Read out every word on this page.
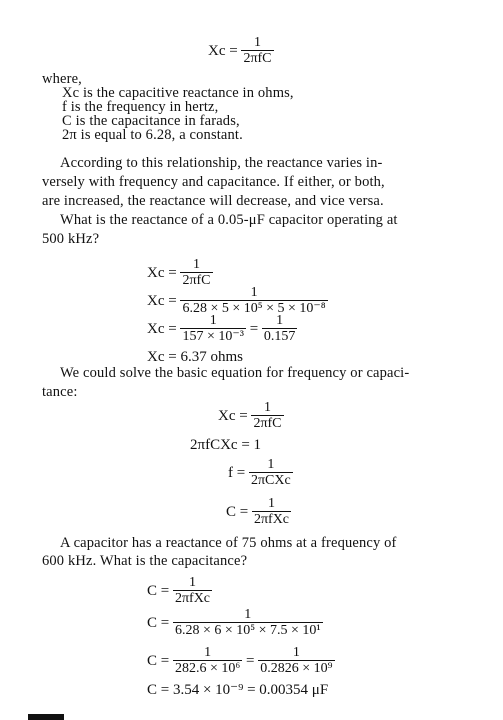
$Xc = \frac{1}{\text{2πfC}}$
where,
Xc is the capacitive reactance in ohms,
f is the frequency in hertz,
C is the capacitance in farads,
2π is equal to 6.28, a constant.
According to this relationship, the reactance varies in-
versely with frequency and capacitance. If either, or both,
are increased, the reactance will decrease, and vice versa.
What is the reactance of a 0.05-μF capacitor operating at
500 kHz?
$Xc = \frac{1}{\text{2πfC}}$
$Xc = \frac{1}{\text{6.28 × 5 × 10⁵ × 5 × 10⁻⁸}}$
$Xc = \frac{1}{\text{157 × 10⁻³}} = \frac{1}{0.157}$
Xc = 6.37 ohms
We could solve the basic equation for frequency or capaci-
tance:
$Xc = \frac{1}{\text{2πfC}}$
2πfCXc = 1
$f = \frac{1}{\text{2πCXc}}$
$C = \frac{1}{\text{2πfXc}}$
A capacitor has a reactance of 75 ohms at a frequency of
600 kHz. What is the capacitance?
$C = \frac{1}{\text{2πfXc}}$
$C = \frac{1}{\text{6.28 × 6 × 10⁵ × 7.5 × 10¹}}$
$C = \frac{1}{\text{282.6 × 10⁶}} = \frac{1}{\text{0.2826 × 10⁹}}$
C = 3.54 × 10⁻⁹ = 0.00354 μF
